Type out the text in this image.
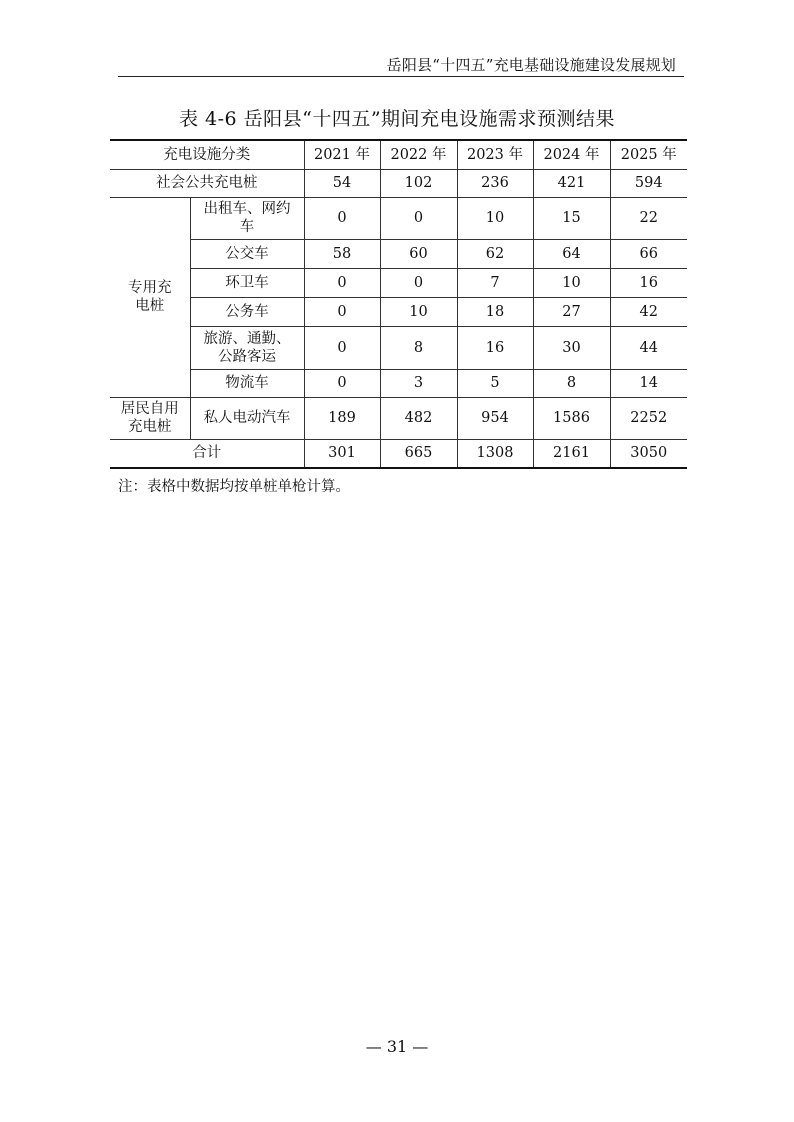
岳阳县“十四五”充电基础设施建设发展规划
表 4-6 岳阳县“十四五”期间充电设施需求预测结果
充电设施分类		2021 年	2022 年	2023 年	2024 年	2025 年
社会公共充电桩		54	102	236	421	594
专用充电桩	出租车、网约车	0	0	10	15	22
	公交车	58	60	62	64	66
	环卫车	0	0	7	10	16
	公务车	0	10	18	27	42
	旅游、通勤、公路客运	0	8	16	30	44
	物流车	0	3	5	8	14
居民自用充电桩	私人电动汽车	189	482	954	1586	2252
合计		301	665	1308	2161	3050
注：表格中数据均按单桩单枪计算。
— 31 —
